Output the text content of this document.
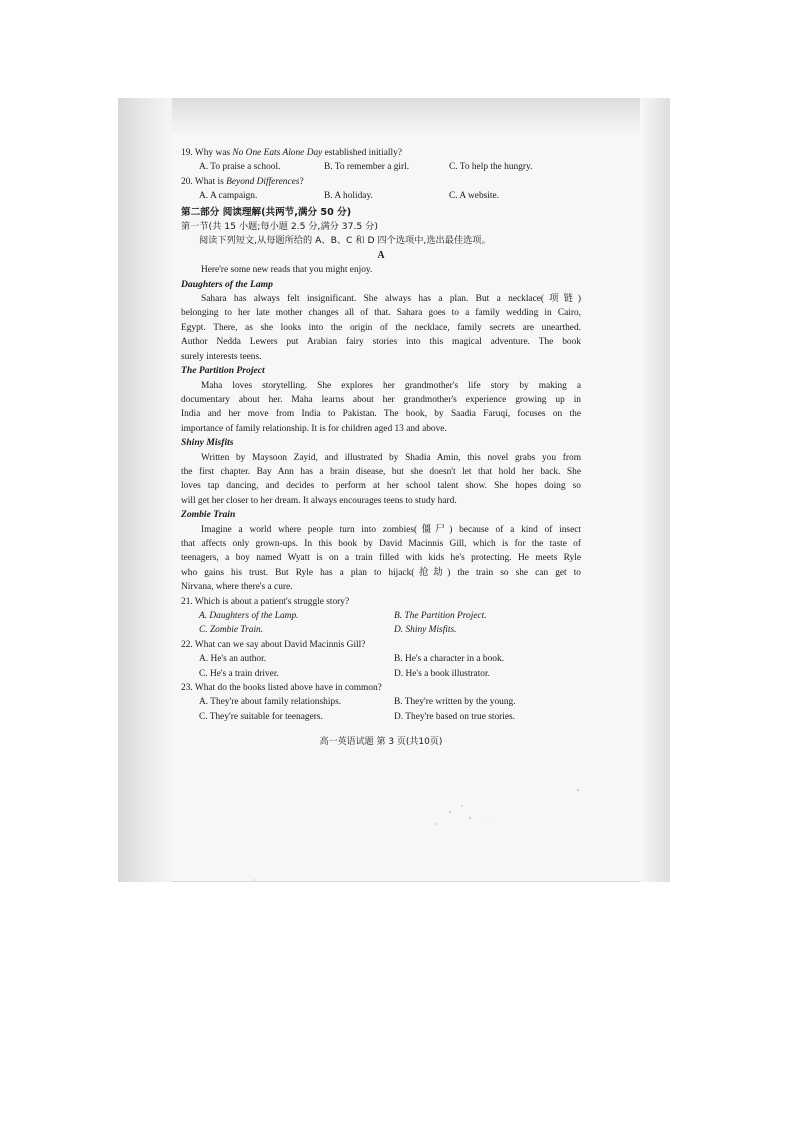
19. Why was No One Eats Alone Day established initially?
A. To praise a school.	B. To remember a girl.	C. To help the hungry.
20. What is Beyond Differences?
A. A campaign.	B. A holiday.	C. A website.
第二部分 阅读理解(共两节,满分 50 分)
第一节(共 15 小题;每小题 2.5 分,满分 37.5 分)
阅读下列短文,从每题所给的 A、B、C 和 D 四个选项中,选出最佳选项。
A
Here're some new reads that you might enjoy.
Daughters of the Lamp
Sahara has always felt insignificant. She always has a plan. But a necklace(项链)
belonging to her late mother changes all of that. Sahara goes to a family wedding in Cairo,
Egypt. There, as she looks into the origin of the necklace, family secrets are unearthed.
Author Nedda Lewers put Arabian fairy stories into this magical adventure. The book
surely interests teens.
The Partition Project
Maha loves storytelling. She explores her grandmother's life story by making a
documentary about her. Maha learns about her grandmother's experience growing up in
India and her move from India to Pakistan. The book, by Saadia Faruqi, focuses on the
importance of family relationship. It is for children aged 13 and above.
Shiny Misfits
Written by Maysoon Zayid, and illustrated by Shadia Amin, this novel grabs you from
the first chapter. Bay Ann has a brain disease, but she doesn't let that hold her back. She
loves tap dancing, and decides to perform at her school talent show. She hopes doing so
will get her closer to her dream. It always encourages teens to study hard.
Zombie Train
Imagine a world where people turn into zombies(僵尸) because of a kind of insect
that affects only grown-ups. In this book by David Macinnis Gill, which is for the taste of
teenagers, a boy named Wyatt is on a train filled with kids he's protecting. He meets Ryle
who gains his trust. But Ryle has a plan to hijack(抢劫) the train so she can get to
Nirvana, where there's a cure.
21. Which is about a patient's struggle story?
A. Daughters of the Lamp.	B. The Partition Project.
C. Zombie Train.	D. Shiny Misfits.
22. What can we say about David Macinnis Gill?
A. He's an author.	B. He's a character in a book.
C. He's a train driver.	D. He's a book illustrator.
23. What do the books listed above have in common?
A. They're about family relationships.	B. They're written by the young.
C. They're suitable for teenagers.	D. They're based on true stories.
高一英语试题 第 3 页(共10页)
